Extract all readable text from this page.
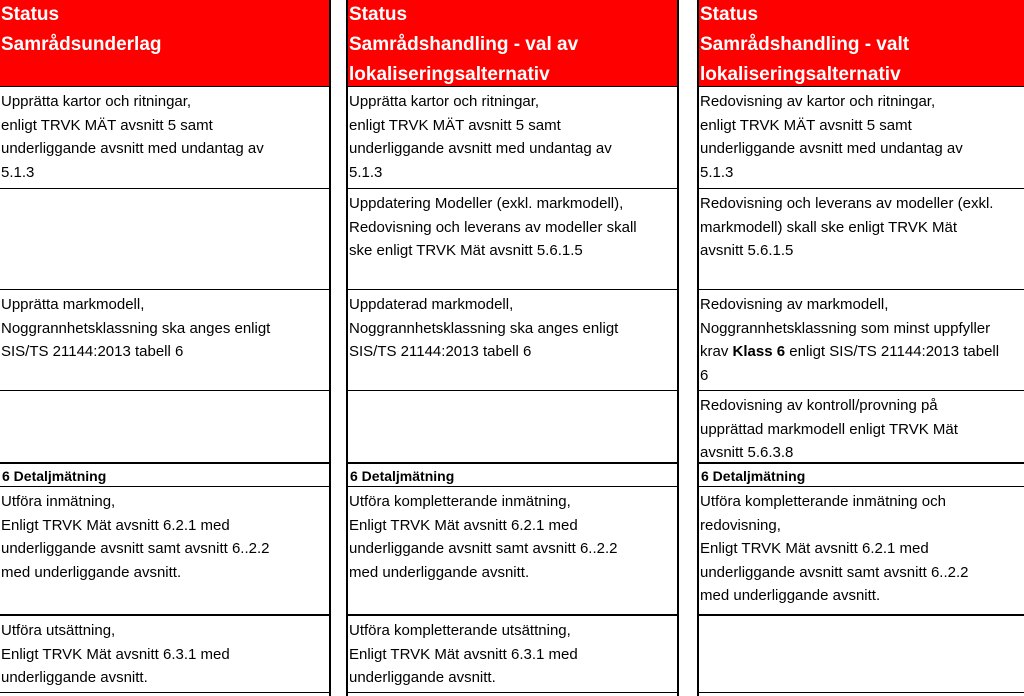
Status
Samrådsunderlag
Upprätta kartor och ritningar,
enligt TRVK MÄT avsnitt 5 samt
underliggande avsnitt med undantag av
5.1.3
Upprätta markmodell,
Noggrannhetsklassning ska anges enligt
SIS/TS 21144:2013 tabell 6
6 Detaljmätning
Utföra inmätning,
Enligt TRVK Mät avsnitt 6.2.1 med
underliggande avsnitt samt avsnitt 6..2.2
med underliggande avsnitt.
Utföra utsättning,
Enligt TRVK Mät avsnitt 6.3.1 med
underliggande avsnitt.
Status
Samrådshandling - val av
lokaliseringsalternativ
Upprätta kartor och ritningar,
enligt TRVK MÄT avsnitt 5 samt
underliggande avsnitt med undantag av
5.1.3
Uppdatering Modeller (exkl. markmodell),
Redovisning och leverans av modeller skall
ske enligt TRVK Mät avsnitt 5.6.1.5
Uppdaterad markmodell,
Noggrannhetsklassning ska anges enligt
SIS/TS 21144:2013 tabell 6
6 Detaljmätning
Utföra kompletterande inmätning,
Enligt TRVK Mät avsnitt 6.2.1 med
underliggande avsnitt samt avsnitt 6..2.2
med underliggande avsnitt.
Utföra kompletterande utsättning,
Enligt TRVK Mät avsnitt 6.3.1 med
underliggande avsnitt.
Status
Samrådshandling - valt
lokaliseringsalternativ
Redovisning av kartor och ritningar,
enligt TRVK MÄT avsnitt 5 samt
underliggande avsnitt med undantag av
5.1.3
Redovisning och leverans av modeller (exkl.
markmodell) skall ske enligt TRVK Mät
avsnitt 5.6.1.5
Redovisning av markmodell,
Noggrannhetsklassning som minst uppfyller
krav Klass 6 enligt SIS/TS 21144:2013 tabell
6
Redovisning av kontroll/provning på
upprättad markmodell enligt TRVK Mät
avsnitt 5.6.3.8
6 Detaljmätning
Utföra kompletterande inmätning och
redovisning,
Enligt TRVK Mät avsnitt 6.2.1 med
underliggande avsnitt samt avsnitt 6..2.2
med underliggande avsnitt.
